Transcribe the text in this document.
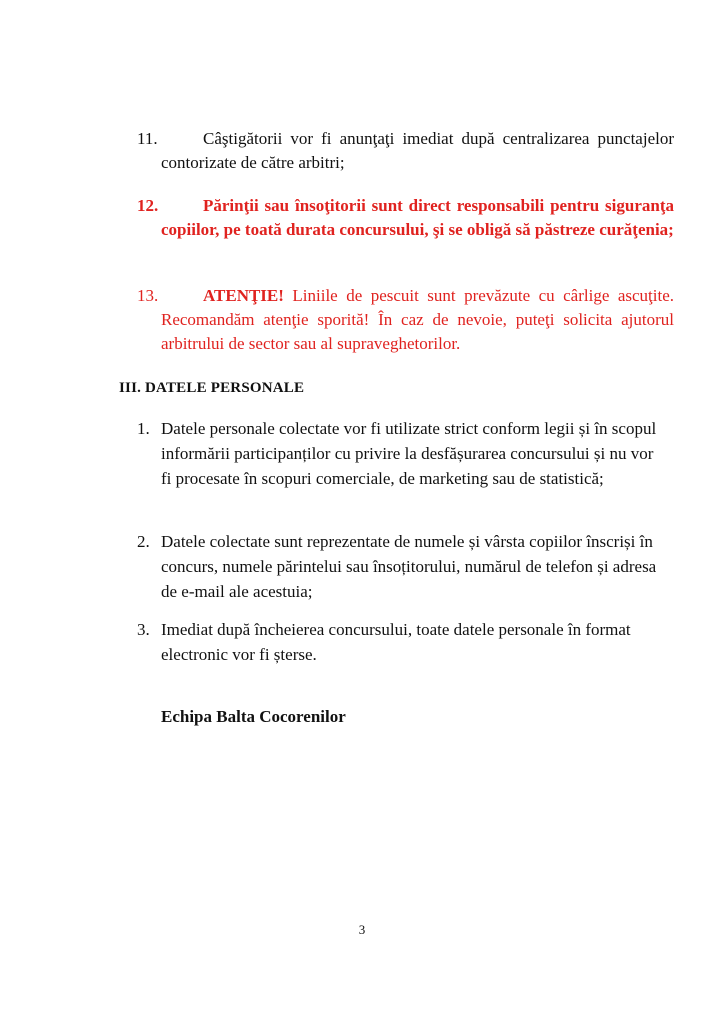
11.	Câştigătorii vor fi anunţaţi imediat după centralizarea punctajelor contorizate de către arbitri;
12.	Părinţii sau însoţitorii sunt direct responsabili pentru siguranţa copiilor, pe toată durata concursului, şi se obligă să păstreze curăţenia;
13.	ATENŢIE! Liniile de pescuit sunt prevăzute cu cârlige ascuţite. Recomandăm atenţie sporită! În caz de nevoie, puteţi solicita ajutorul arbitrului de sector sau al supraveghetorilor.
III. DATELE PERSONALE
1. Datele personale colectate vor fi utilizate strict conform legii și în scopul informării participanților cu privire la desfășurarea concursului și nu vor fi procesate în scopuri comerciale, de marketing sau de statistică;
2. Datele colectate sunt reprezentate de numele și vârsta copiilor înscriși în concurs, numele părintelui sau însoțitorului, numărul de telefon și adresa de e-mail ale acestuia;
3. Imediat după încheierea concursului, toate datele personale în format electronic vor fi șterse.
Echipa Balta Cocorenilor
3
